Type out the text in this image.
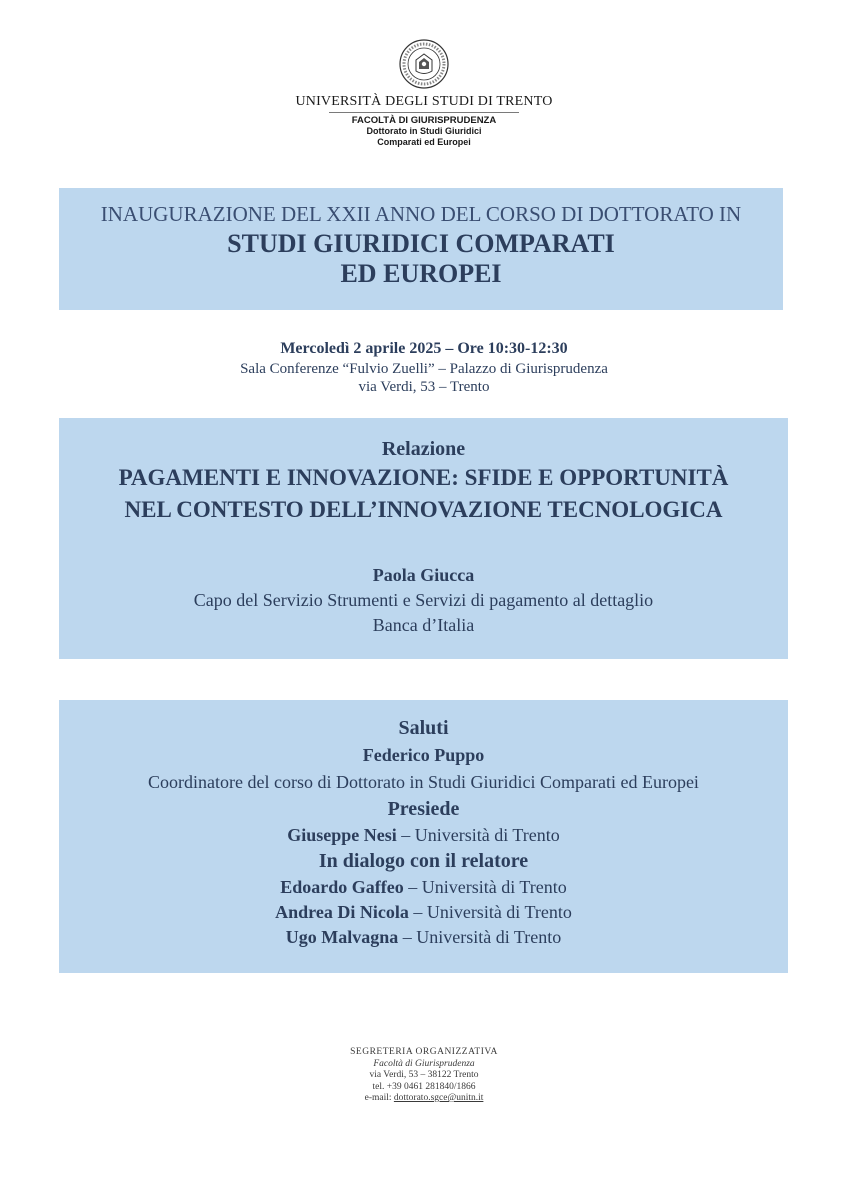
UNIVERSITÀ DEGLI STUDI DI TRENTO
FACOLTÀ DI GIURISPRUDENZA
Dottorato in Studi Giuridici
Comparati ed Europei
INAUGURAZIONE DEL XXII ANNO DEL CORSO DI DOTTORATO IN
STUDI GIURIDICI COMPARATI
ED EUROPEI
Mercoledì 2 aprile 2025 – Ore 10:30-12:30
Sala Conferenze “Fulvio Zuelli” – Palazzo di Giurisprudenza
via Verdi, 53 – Trento
Relazione
PAGAMENTI E INNOVAZIONE: SFIDE E OPPORTUNITÀ
NEL CONTESTO DELL’INNOVAZIONE TECNOLOGICA
Paola Giucca
Capo del Servizio Strumenti e Servizi di pagamento al dettaglio
Banca d’Italia
Saluti
Federico Puppo
Coordinatore del corso di Dottorato in Studi Giuridici Comparati ed Europei
Presiede
Giuseppe Nesi – Università di Trento
In dialogo con il relatore
Edoardo Gaffeo – Università di Trento
Andrea Di Nicola – Università di Trento
Ugo Malvagna – Università di Trento
SEGRETERIA ORGANIZZATIVA
Facoltà di Giurisprudenza
via Verdi, 53 – 38122 Trento
tel. +39 0461 281840/1866
e-mail: dottorato.sgce@unitn.it
